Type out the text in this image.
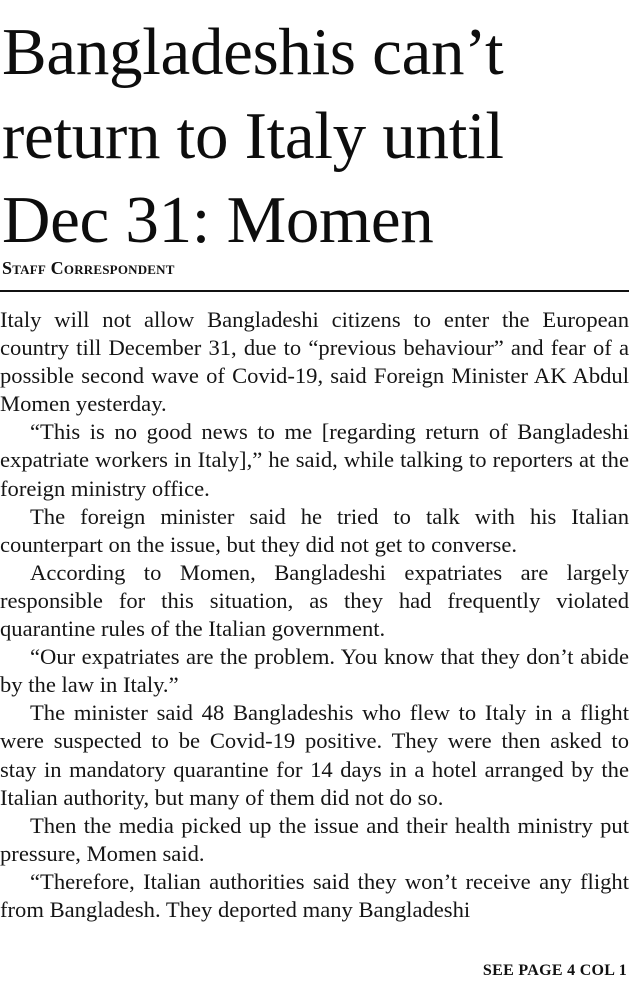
Bangladeshis can’t return to Italy until Dec 31: Momen
Staff Correspondent

Italy will not allow Bangladeshi citizens to enter the European country till December 31, due to “previous behaviour” and fear of a possible second wave of Covid-19, said Foreign Minister AK Abdul Momen yesterday.

“This is no good news to me [regarding return of Bangladeshi expatriate workers in Italy],” he said, while talking to reporters at the foreign ministry office.

The foreign minister said he tried to talk with his Italian counterpart on the issue, but they did not get to converse.

According to Momen, Bangladeshi expatriates are largely responsible for this situation, as they had frequently violated quarantine rules of the Italian government.

“Our expatriates are the problem. You know that they don’t abide by the law in Italy.”

The minister said 48 Bangladeshis who flew to Italy in a flight were suspected to be Covid-19 positive. They were then asked to stay in mandatory quarantine for 14 days in a hotel arranged by the Italian authority, but many of them did not do so.

Then the media picked up the issue and their health ministry put pressure, Momen said.

“Therefore, Italian authorities said they won’t receive any flight from Bangladesh. They deported many Bangladeshi

SEE PAGE 4 COL 1
